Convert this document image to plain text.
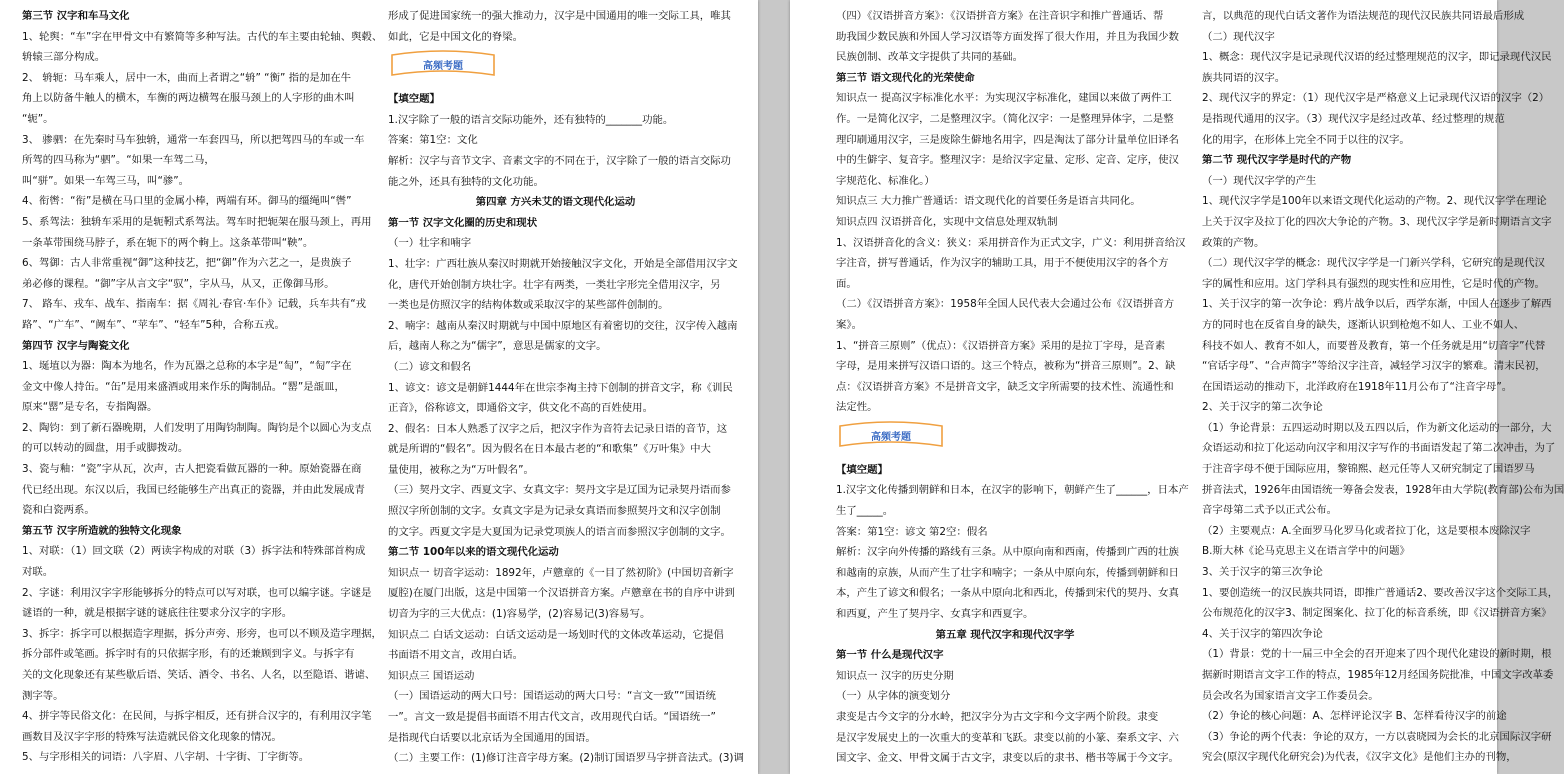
第三节 汉字和车马文化
1、轮舆：“车”字在甲骨文中有繁简等多种写法。古代的车主要由轮轴、舆毂、
辀辕三部分构成。
2、 辀轭：马车乘人，居中一木，曲而上者谓之“辀” “衡” 指的是加在牛
角上以防备牛触人的横木，车衡的两边横驾在服马颈上的人字形的曲木叫
“轭”。
3、 骖驷：在先秦时马车独辀，通常一车套四马，所以把驾四马的车或一车
所驾的四马称为“驷”。“如果一车驾二马，
叫“骈”。如果一车驾三马，叫“骖”。
4、衔辔：“衔”是横在马口里的金属小棒，两端有环。御马的缰绳叫“辔”
5、系驾法：独辀车采用的是轭靷式系驾法。驾车时把轭架在服马颈上，再用
一条革带围绕马脖子，系在轭下的两个軥上。这条革带叫“鞅”。
6、驾御：古人非常重视“御”这种技艺，把“御”作为六艺之一，是贵族子
弟必修的课程。“御”字从言文字“驭”，字从马，从又，正像御马形。
7、 路车、戎车、战车、指南车：据《周礼·春官·车仆》记载，兵车共有“戎
路”、“广车”、“阙车”、“苹车”、“轻车”5种，合称五戎。
第四节 汉字与陶瓷文化
1、埏埴以为器：陶本为地名，作为瓦器之总称的本字是“匋”，“匋”字在
金文中像人持缶。“缶”是用来盛酒或用来作乐的陶制品。“罂”是瓿皿，
原来“罂”是专名，专指陶器。
2、陶钧：到了新石器晚期，人们发明了用陶钧制陶。陶钧是个以圆心为支点
的可以转动的圆盘，用手或脚拨动。
3、瓷与釉：“瓷”字从瓦，次声，古人把瓷看做瓦器的一种。原始瓷器在商
代已经出现。东汉以后，我国已经能够生产出真正的瓷器，并由此发展成青
瓷和白瓷两系。
第五节 汉字所造就的独特文化现象
1、对联：（1）回文联（2）两读字构成的对联（3）拆字法和特殊部首构成
对联。
2、字谜：利用汉字字形能够拆分的特点可以写对联，也可以编字谜。字谜是
谜语的一种，就是根据字谜的谜底往往要求分汉字的字形。
3、拆字：拆字可以根据造字理据，拆分声旁、形旁，也可以不顾及造字理据，
拆分部件或笔画。拆字时有的只依据字形，有的还兼顾到字义。与拆字有
关的文化现象还有某些歇后语、笑话、酒令、书名、人名，以至隐语、谐谑、
测字等。
4、拼字等民俗文化：在民间，与拆字相反，还有拼合汉字的，有利用汉字笔
画数目及汉字字形的特殊写法造就民俗文化现象的情况。
5、与字形相关的词语：八字眉、八字胡、十字街、丁字街等。
形成了促进国家统一的强大推动力，汉字是中国通用的唯一交际工具，唯其
如此，它是中国文化的脊梁。
高频考题
【填空题】
1.汉字除了一般的语言交际功能外，还有独特的_______功能。
答案：第1空：文化
解析：汉字与音节文字、音素文字的不同在于，汉字除了一般的语言交际功
能之外，还具有独特的文化功能。
第四章 方兴未艾的语文现代化运动
第一节 汉字文化圈的历史和现状
（一）壮字和喃字
1、壮字：广西壮族从秦汉时期就开始接触汉字文化，开始是全部借用汉字文
化，唐代开始创制方块壮字。壮字有两类，一类壮字形完全借用汉字，另
一类也是仿照汉字的结构体数或采取汉字的某些部件创制的。
2、喃字：越南从秦汉时期就与中国中原地区有着密切的交往，汉字传入越南
后，越南人称之为“儒字”，意思是儒家的文字。
（二）谚文和假名
1、谚文：谚文是朝鲜1444年在世宗李裪主持下创制的拼音文字，称《训民
正音》，俗称谚文，即通俗文字，供文化不高的百姓使用。
2、假名：日本人熟悉了汉字之后，把汉字作为音符去记录日语的音节，这
就是所谓的“假名”。因为假名在日本最古老的“和歌集”《万叶集》中大
量使用，被称之为“万叶假名”。
（三）契丹文字、西夏文字、女真文字：契丹文字是辽国为记录契丹语而参
照汉字所创制的文字。女真文字是为记录女真语而参照契丹文和汉字创制
的文字。西夏文字是大夏国为记录党项族人的语言而参照汉字创制的文字。
第二节 100年以来的语文现代化运动
知识点一 切音字运动：1892年，卢戆章的《一目了然初阶》(中国切音新字
厦腔)在厦门出版，这是中国第一个汉语拼音方案。卢戆章在书的自序中讲到
切音为字的三大优点：(1)容易学，(2)容易记(3)容易写。
知识点二 白话文运动：白话文运动是一场划时代的文体改革运动，它提倡
书面语不用文言，改用白话。
知识点三 国语运动
（一）国语运动的两大口号：国语运动的两大口号：“言文一致”“国语统
一”。言文一致是提倡书面语不用古代文言，改用现代白话。“国语统一”
是指现代白话要以北京话为全国通用的国语。
（二）主要工作：(1)修订注音字母方案。(2)制订国语罗马字拼音法式。(3)调
（四）《汉语拼音方案》：《汉语拼音方案》在注音识字和推广普通话、帮
助我国少数民族和外国人学习汉语等方面发挥了很大作用，并且为我国少数
民族创制、改革文字提供了共同的基础。
第三节 语文现代化的光荣使命
知识点一 提高汉字标准化水平：为实现汉字标准化，建国以来做了两件工
作。一是简化汉字，二是整理汉字。（简化汉字：一是整理异体字，二是整
理印刷通用汉字，三是废除生僻地名用字，四是淘汰了部分计量单位旧译名
中的生僻字、复音字。整理汉字：是给汉字定量、定形、定音、定序，使汉
字规范化、标准化。）
知识点三 大力推广普通话：语文现代化的首要任务是语言共同化。
知识点四 汉语拼音化，实现中文信息处理双轨制
1、汉语拼音化的含义：狭义：采用拼音作为正式文字，广义：利用拼音给汉
字注音，拼写普通话，作为汉字的辅助工具，用于不便使用汉字的各个方
面。
（二）《汉语拼音方案》：1958年全国人民代表大会通过公布《汉语拼音方
案》。
1、“拼音三原则”（优点）：《汉语拼音方案》采用的是拉丁字母，是音素
字母，是用来拼写汉语口语的。这三个特点，被称为“拼音三原则”。2、缺
点：《汉语拼音方案》不是拼音文字，缺乏文字所需要的技术性、流通性和
法定性。
高频考题
【填空题】
1.汉字文化传播到朝鲜和日本，在汉字的影响下，朝鲜产生了______，日本产
生了_____。
答案：第1空：谚文 第2空：假名
解析：汉字向外传播的路线有三条。从中原向南和西南，传播到广西的壮族
和越南的京族，从而产生了壮字和喃字；一条从中原向东，传播到朝鲜和日
本，产生了谚文和假名；一条从中原向北和西北，传播到宋代的契丹、女真
和西夏，产生了契丹字、女真字和西夏字。
第五章 现代汉字和现代汉字学
第一节 什么是现代汉字
知识点一 汉字的历史分期
（一）从字体的演变划分
隶变是古今文字的分水岭，把汉字分为古文字和今文字两个阶段。隶变
是汉字发展史上的一次重大的变革和飞跃。隶变以前的小篆、秦系文字、六
国文字、金文、甲骨文属于古文字，隶变以后的隶书、楷书等属于今文字。
言，以典范的现代白话文著作为语法规范的现代汉民族共同语最后形成
（二）现代汉字
1、概念：现代汉字是记录现代汉语的经过整理规范的汉字，即记录现代汉民
族共同语的汉字。
2、现代汉字的界定：（1）现代汉字是严格意义上记录现代汉语的汉字（2）
是指现代通用的汉字。（3）现代汉字是经过改革、经过整理的规范
化的用字，在形体上完全不同于以往的汉字。
第二节 现代汉字学是时代的产物
（一）现代汉字学的产生
1、现代汉字学是100年以来语文现代化运动的产物。2、现代汉字学在理论
上关于汉字及拉丁化的四次大争论的产物。3、现代汉字学是新时期语言文字
政策的产物。
（二）现代汉字学的概念：现代汉字学是一门新兴学科，它研究的是现代汉
字的属性和应用。这门学科具有强烈的现实性和应用性，它是时代的产物。
1、关于汉字的第一次争论：鸦片战争以后，西学东渐，中国人在逐步了解西
方的同时也在反省自身的缺失，逐渐认识到枪炮不如人、工业不如人、
科技不如人、教育不如人，而要普及教育，第一个任务就是用“切音字”代替
“官话字母”、“合声简字”等给汉字注音，减轻学习汉字的繁难。清末民初，
在国语运动的推动下，北洋政府在1918年11月公布了“注音字母”。
2、关于汉字的第二次争论
（1）争论背景：五四运动时期以及五四以后，作为新文化运动的一部分，大
众语运动和拉丁化运动向汉字和用汉字写作的书面语发起了第二次冲击，为了
于注音字母不便于国际应用，黎锦熙、赵元任等人又研究制定了国语罗马
拼音法式，1926年由国语统一筹备会发表，1928年由大学院(教育部)公布为国
音字母第二式予以正式公布。
（2）主要观点：A.全面罗马化罗马化或者拉丁化，这是要根本废除汉字
B.斯大林《论马克思主义在语言学中的问题》
3、关于汉字的第三次争论
1、要创造统一的汉民族共同语，即推广普通话2、要改善汉字这个交际工具，
公布规范化的汉字3、制定图案化、拉丁化的标音系统，即《汉语拼音方案》
4、关于汉字的第四次争论
（1）背景：党的十一届三中全会的召开迎来了四个现代化建设的新时期，根
据新时期语言文字工作的特点，1985年12月经国务院批准，中国文字改革委
员会改名为国家语言文字工作委员会。
（2）争论的核心问题：A、怎样评论汉字 B、怎样看待汉字的前途
（3）争论的两个代表：争论的双方，一方以袁晓园为会长的北京国际汉字研
究会(原汉字现代化研究会)为代表，《汉字文化》是他们主办的刊物，
